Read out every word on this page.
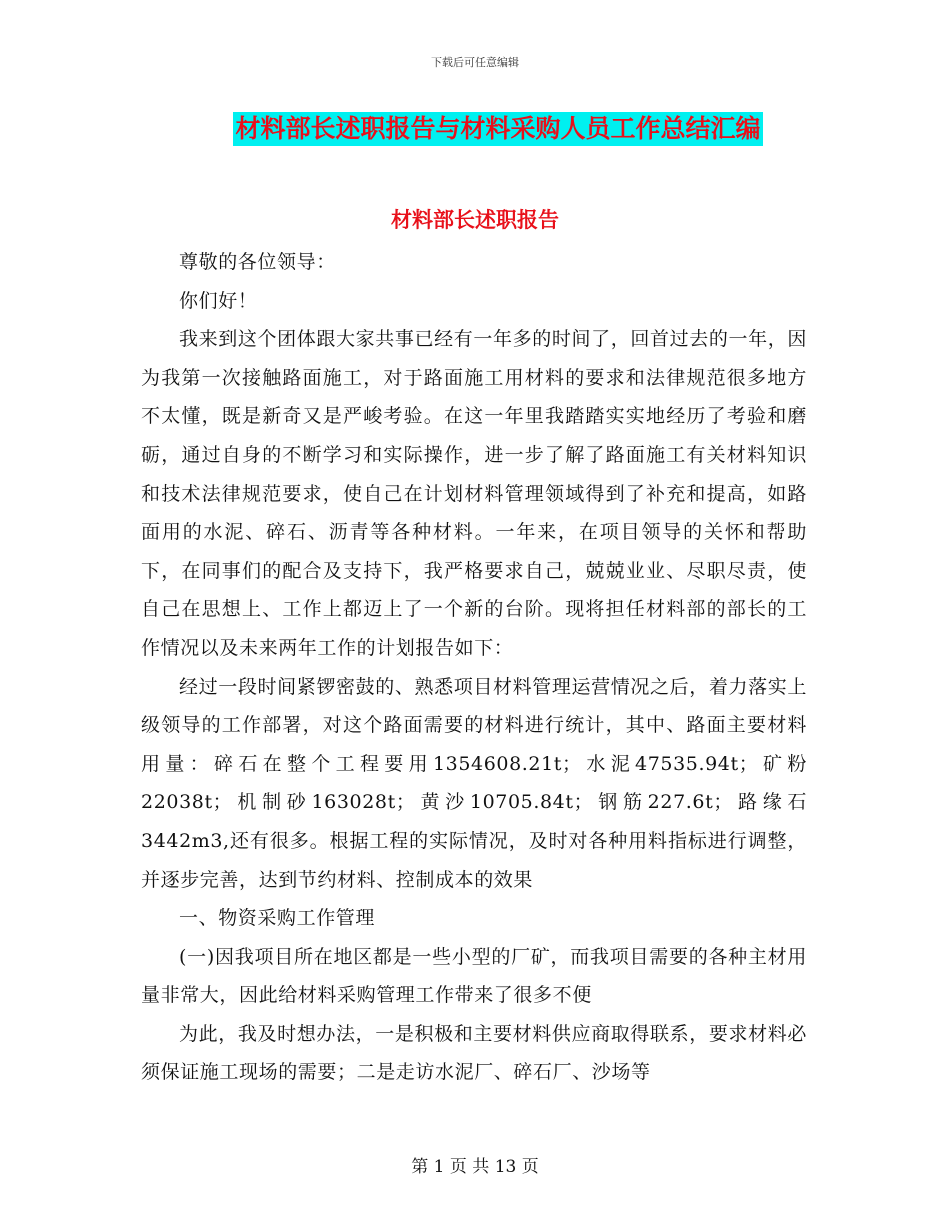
下载后可任意编辑
材料部长述职报告与材料采购人员工作总结汇编
材料部长述职报告

尊敬的各位领导：

你们好！

我来到这个团体跟大家共事已经有一年多的时间了，回首过去的一年，因为我第一次接触路面施工，对于路面施工用材料的要求和法律规范很多地方不太懂，既是新奇又是严峻考验。在这一年里我踏踏实实地经历了考验和磨砺，通过自身的不断学习和实际操作，进一步了解了路面施工有关材料知识和技术法律规范要求，使自己在计划材料管理领域得到了补充和提高，如路面用的水泥、碎石、沥青等各种材料。一年来，在项目领导的关怀和帮助下，在同事们的配合及支持下，我严格要求自己，兢兢业业、尽职尽责，使自己在思想上、工作上都迈上了一个新的台阶。现将担任材料部的部长的工作情况以及未来两年工作的计划报告如下：

经过一段时间紧锣密鼓的、熟悉项目材料管理运营情况之后，着力落实上级领导的工作部署，对这个路面需要的材料进行统计，其中、路面主要材料用量：碎石在整个工程要用1354608.21t；水泥47535.94t；矿粉22038t；机制砂163028t；黄沙10705.84t；钢筋227.6t；路缘石3442m3,还有很多。根据工程的实际情况，及时对各种用料指标进行调整，并逐步完善，达到节约材料、控制成本的效果

一、物资采购工作管理

(一)因我项目所在地区都是一些小型的厂矿，而我项目需要的各种主材用量非常大，因此给材料采购管理工作带来了很多不便

为此，我及时想办法，一是积极和主要材料供应商取得联系，要求材料必须保证施工现场的需要；二是走访水泥厂、碎石厂、沙场等

第 1 页 共 13 页
